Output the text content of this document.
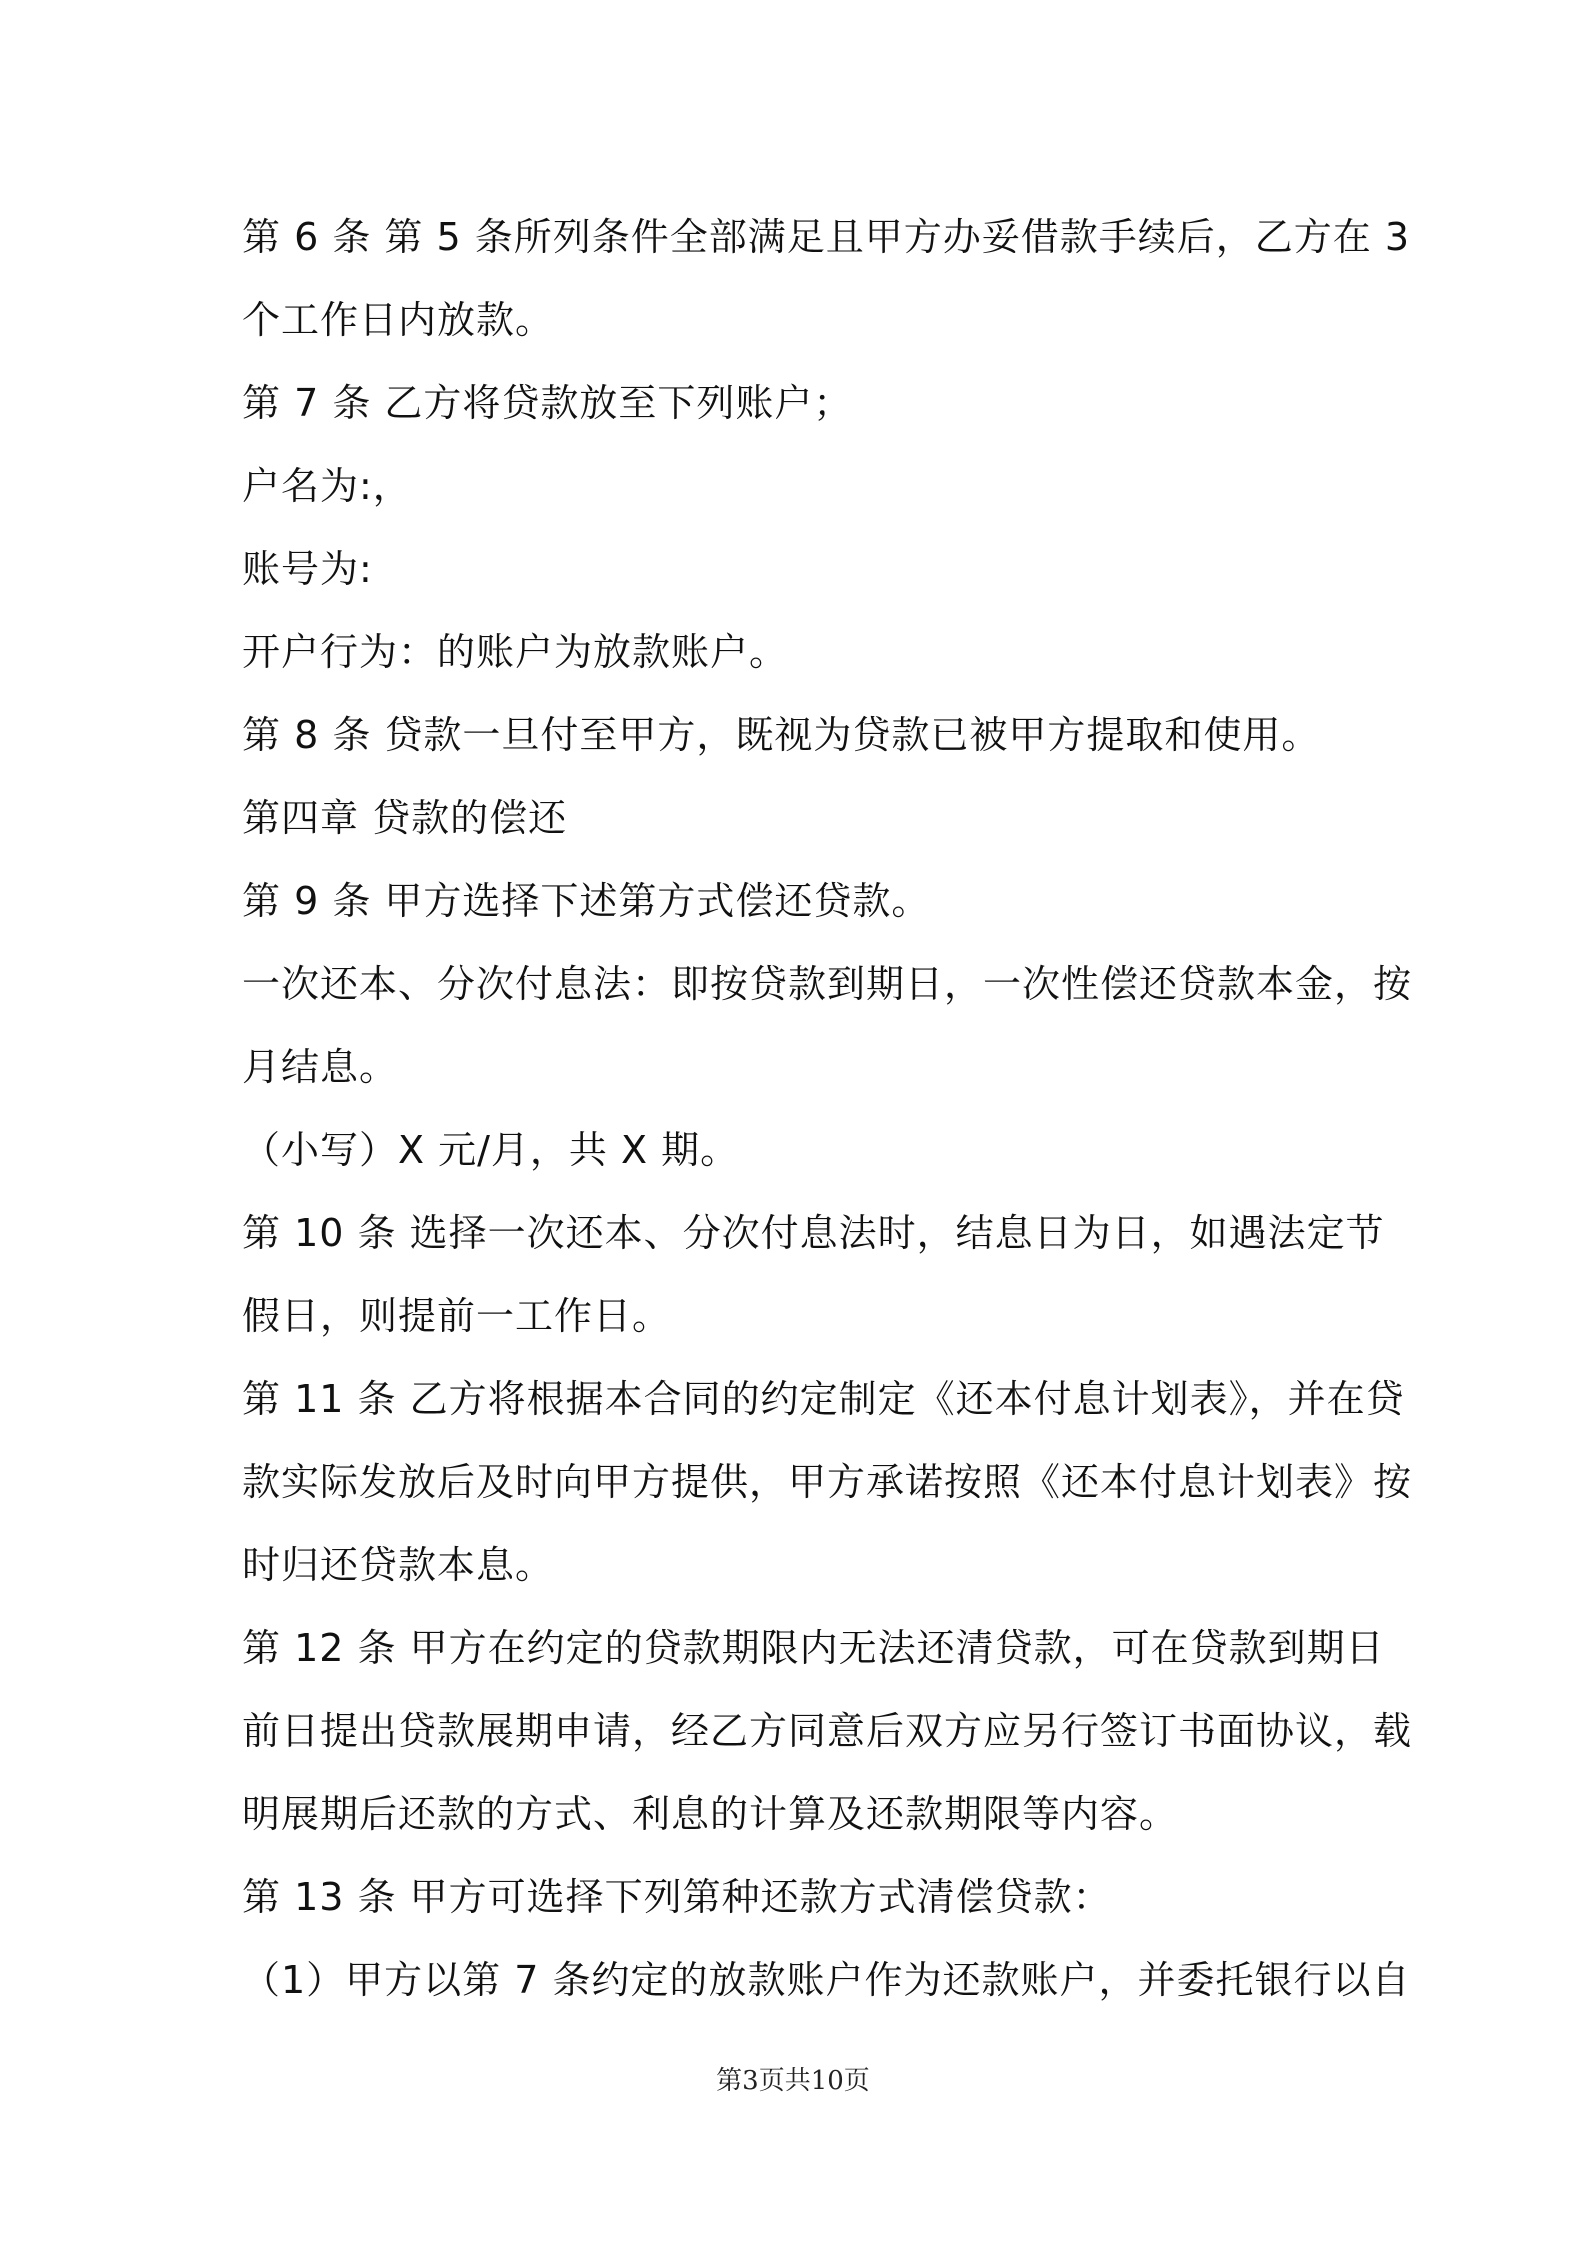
第 6 条 第 5 条所列条件全部满足且甲方办妥借款手续后，乙方在 3
个工作日内放款。
第 7 条 乙方将贷款放至下列账户；
户名为:，
账号为:
开户行为：的账户为放款账户。
第 8 条 贷款一旦付至甲方，既视为贷款已被甲方提取和使用。
第四章 贷款的偿还
第 9 条 甲方选择下述第方式偿还贷款。
一次还本、分次付息法：即按贷款到期日，一次性偿还贷款本金，按
月结息。
（小写）X 元/月，共 X 期。
第 10 条 选择一次还本、分次付息法时，结息日为日，如遇法定节
假日，则提前一工作日。
第 11 条 乙方将根据本合同的约定制定《还本付息计划表》，并在贷
款实际发放后及时向甲方提供，甲方承诺按照《还本付息计划表》按
时归还贷款本息。
第 12 条 甲方在约定的贷款期限内无法还清贷款，可在贷款到期日
前日提出贷款展期申请，经乙方同意后双方应另行签订书面协议，载
明展期后还款的方式、利息的计算及还款期限等内容。
第 13 条 甲方可选择下列第种还款方式清偿贷款：
（1）甲方以第 7 条约定的放款账户作为还款账户，并委托银行以自
第3页共10页
